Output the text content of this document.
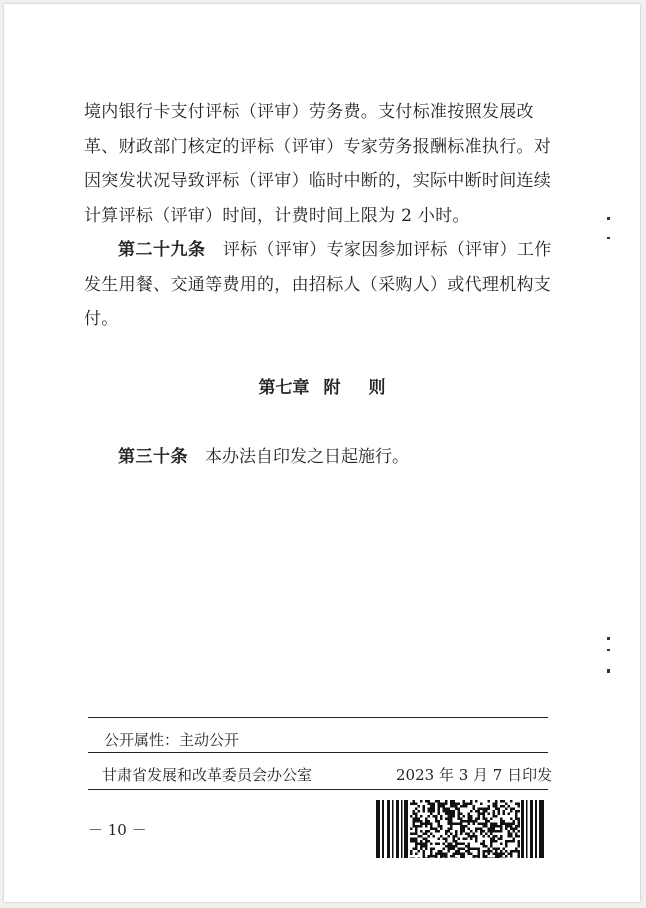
境内银行卡支付评标（评审）劳务费。支付标准按照发展改革、财政部门核定的评标（评审）专家劳务报酬标准执行。对因突发状况导致评标（评审）临时中断的，实际中断时间连续计算评标（评审）时间，计费时间上限为 2 小时。
第二十九条　 评标（评审）专家因参加评标（评审）工作发生用餐、交通等费用的，由招标人（采购人）或代理机构支付。
第七章 附 则
第三十条　 本办法自印发之日起施行。
公开属性：主动公开
甘肃省发展和改革委员会办公室	2023 年 3 月 7 日印发
－ 10 －
